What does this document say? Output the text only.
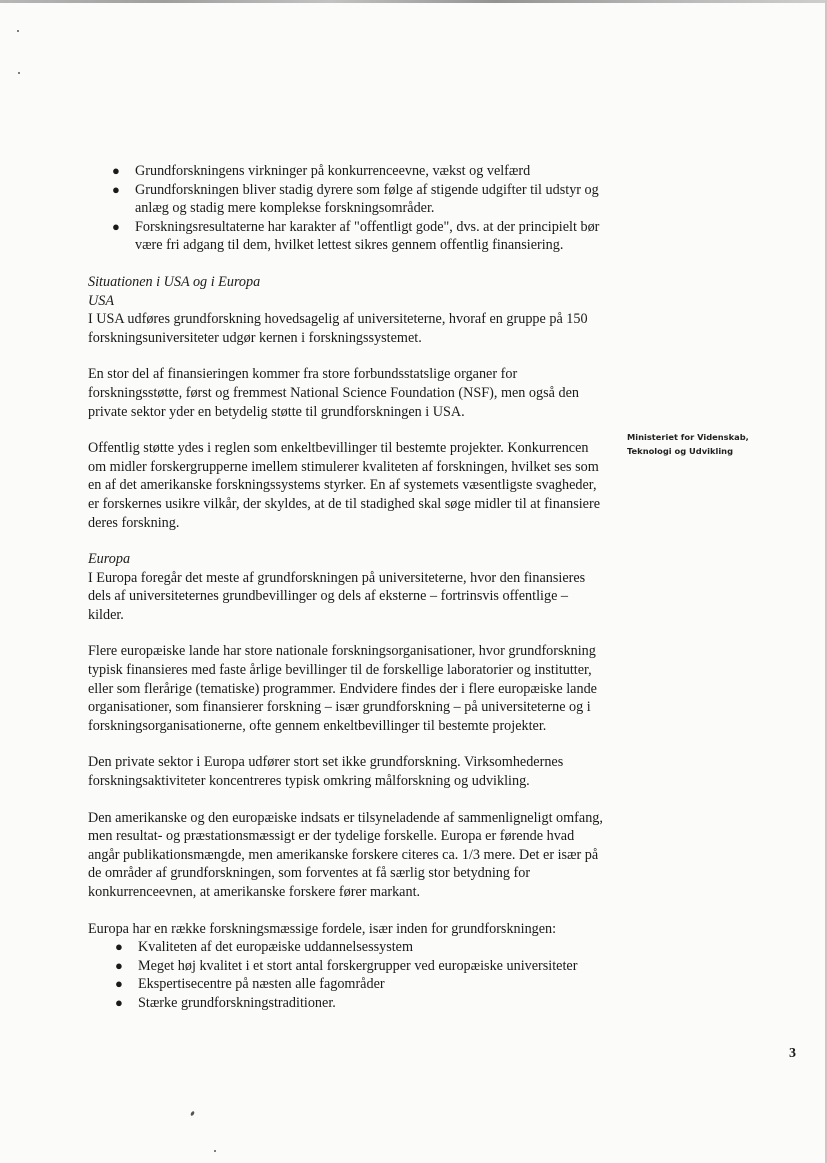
● Grundforskningens virkninger på konkurrenceevne, vækst og velfærd
● Grundforskningen bliver stadig dyrere som følge af stigende udgifter til udstyr og anlæg og stadig mere komplekse forskningsområder.
● Forskningsresultaterne har karakter af "offentligt gode", dvs. at der principielt bør være fri adgang til dem, hvilket lettest sikres gennem offentlig finansiering.

Situationen i USA og i Europa

USA

I USA udføres grundforskning hovedsagelig af universiteterne, hvoraf en gruppe på 150 forskningsuniversiteter udgør kernen i forskningssystemet.

En stor del af finansieringen kommer fra store forbundsstatslige organer for forskningsstøtte, først og fremmest National Science Foundation (NSF), men også den private sektor yder en betydelig støtte til grundforskningen i USA.

Offentlig støtte ydes i reglen som enkeltbevillinger til bestemte projekter. Konkurrencen om midler forskergrupperne imellem stimulerer kvaliteten af forskningen, hvilket ses som en af det amerikanske forskningssystems styrker. En af systemets væsentligste svagheder, er forskernes usikre vilkår, der skyldes, at de til stadighed skal søge midler til at finansiere deres forskning.

Europa

I Europa foregår det meste af grundforskningen på universiteterne, hvor den finansieres dels af universiteternes grundbevillinger og dels af eksterne – fortrinsvis offentlige – kilder.

Flere europæiske lande har store nationale forskningsorganisationer, hvor grundforskning typisk finansieres med faste årlige bevillinger til de forskellige laboratorier og institutter, eller som flerårige (tematiske) programmer. Endvidere findes der i flere europæiske lande organisationer, som finansierer forskning – især grundforskning – på universiteterne og i forskningsorganisationerne, ofte gennem enkeltbevillinger til bestemte projekter.

Den private sektor i Europa udfører stort set ikke grundforskning. Virksomhedernes forskningsaktiviteter koncentreres typisk omkring målforskning og udvikling.

Den amerikanske og den europæiske indsats er tilsyneladende af sammenligneligt omfang, men resultat- og præstationsmæssigt er der tydelige forskelle. Europa er førende hvad angår publikationsmængde, men amerikanske forskere citeres ca. 1/3 mere. Det er især på de områder af grundforskningen, som forventes at få særlig stor betydning for konkurrenceevnen, at amerikanske forskere fører markant.

Europa har en række forskningsmæssige fordele, især inden for grundforskningen:

● Kvaliteten af det europæiske uddannelsessystem
● Meget høj kvalitet i et stort antal forskergrupper ved europæiske universiteter
● Ekspertisecentre på næsten alle fagområder
● Stærke grundforskningstraditioner.
Ministeriet for Videnskab,
Teknologi og Udvikling
3
